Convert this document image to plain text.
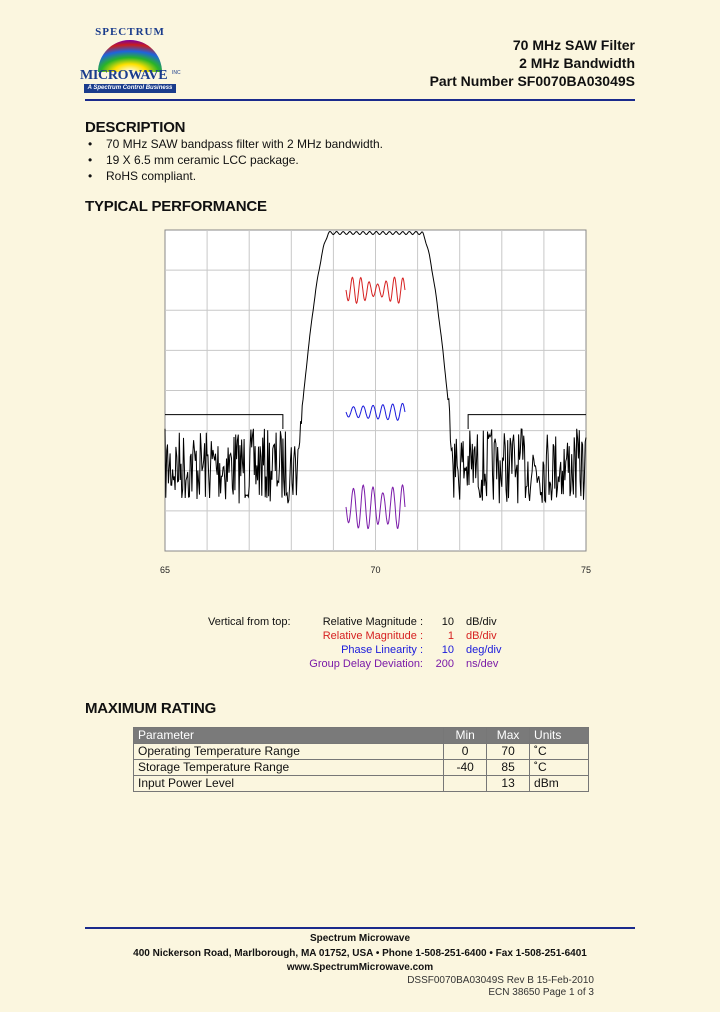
SPECTRUM
MICROWAVE INC
A Spectrum Control Business
70 MHz SAW Filter
2 MHz Bandwidth
Part Number SF0070BA03049S
DESCRIPTION
• 70 MHz SAW bandpass filter with 2 MHz bandwidth.
• 19 X 6.5 mm ceramic LCC package.
• RoHS compliant.
TYPICAL PERFORMANCE
65	70	75
Vertical from top:	Relative Magnitude : 10 dB/div
Relative Magnitude : 1 dB/div
Phase Linearity : 10 deg/div
Group Delay Deviation: 200 ns/dev
MAXIMUM RATING
Parameter	Min	Max	Units
Operating Temperature Range	0	70	˚C
Storage Temperature Range	-40	85	˚C
Input Power Level		13	dBm
Spectrum Microwave
400 Nickerson Road, Marlborough, MA 01752, USA • Phone 1-508-251-6400 • Fax 1-508-251-6401
www.SpectrumMicrowave.com
DSSF0070BA03049S Rev B 15-Feb-2010
ECN 38650 Page 1 of 3
